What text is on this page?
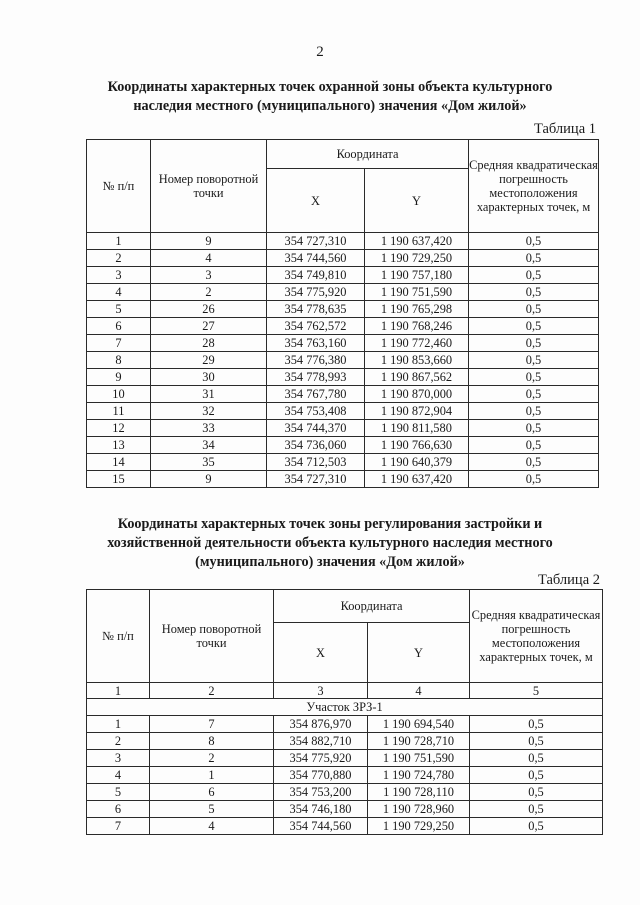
2
Координаты характерных точек охранной зоны объекта культурного
наследия местного (муниципального) значения «Дом жилой»
Таблица 1
№ п/п	Номер поворотной точки	Координата		Средняя квадратическая погрешность местоположения характерных точек, м
		X	Y	
1	9	354 727,310	1 190 637,420	0,5
2	4	354 744,560	1 190 729,250	0,5
3	3	354 749,810	1 190 757,180	0,5
4	2	354 775,920	1 190 751,590	0,5
5	26	354 778,635	1 190 765,298	0,5
6	27	354 762,572	1 190 768,246	0,5
7	28	354 763,160	1 190 772,460	0,5
8	29	354 776,380	1 190 853,660	0,5
9	30	354 778,993	1 190 867,562	0,5
10	31	354 767,780	1 190 870,000	0,5
11	32	354 753,408	1 190 872,904	0,5
12	33	354 744,370	1 190 811,580	0,5
13	34	354 736,060	1 190 766,630	0,5
14	35	354 712,503	1 190 640,379	0,5
15	9	354 727,310	1 190 637,420	0,5
Координаты характерных точек зоны регулирования застройки и
хозяйственной деятельности объекта культурного наследия местного
(муниципального) значения «Дом жилой»
Таблица 2
№ п/п	Номер поворотной точки	Координата		Средняя квадратическая погрешность местоположения характерных точек, м
		X	Y	
1	2	3	4	5
Участок ЗРЗ-1				
1	7	354 876,970	1 190 694,540	0,5
2	8	354 882,710	1 190 728,710	0,5
3	2	354 775,920	1 190 751,590	0,5
4	1	354 770,880	1 190 724,780	0,5
5	6	354 753,200	1 190 728,110	0,5
6	5	354 746,180	1 190 728,960	0,5
7	4	354 744,560	1 190 729,250	0,5
